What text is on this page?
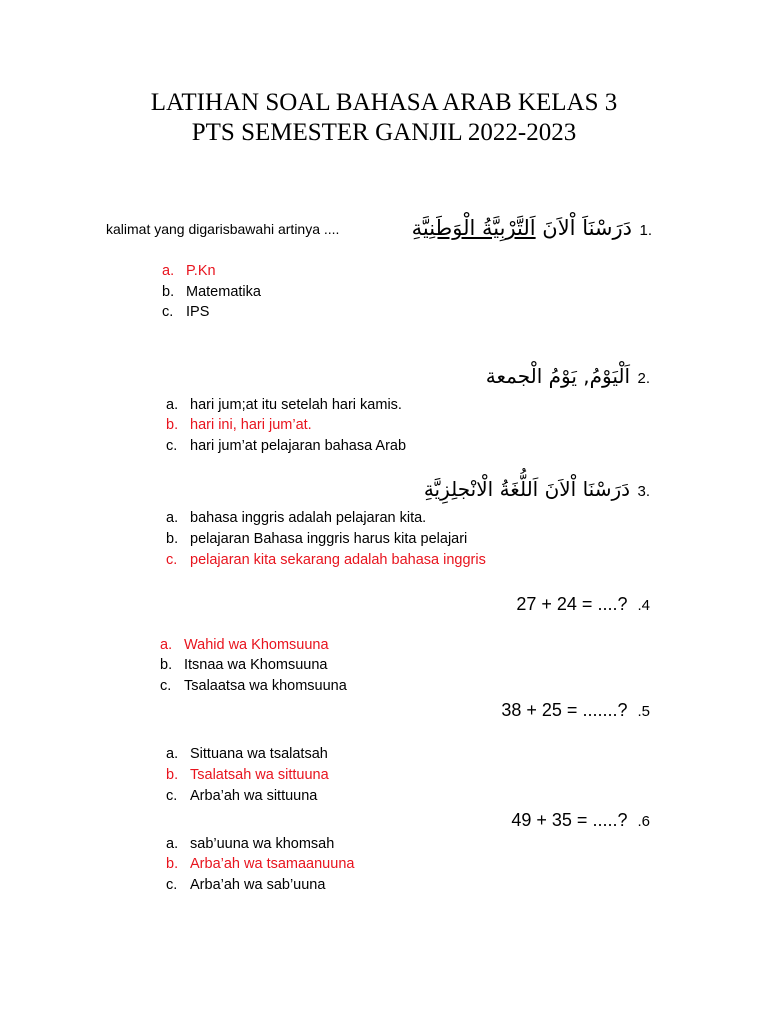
LATIHAN SOAL BAHASA ARAB KELAS 3
PTS SEMESTER GANJIL 2022-2023
kalimat yang digarisbawahi artinya ....	دَرَسْنَاَ اْلاَنَ اَلتَّرْبِيَّةُ الْوَطَنِيَّةِ	1.
a. P.Kn
b. Matematika
c. IPS
اَلْيَوْمُ, يَوْمُ الْجمعة 2.
a. hari jum;at itu setelah hari kamis.
b. hari ini, hari jum’at.
c. hari jum’at pelajaran bahasa Arab
دَرَسْنَا اْلاَنَ اَللُّغَةُ الْانْجلِزِيَّةِ 3.
a. bahasa inggris adalah pelajaran kita.
b. pelajaran Bahasa inggris harus kita pelajari
c. pelajaran kita sekarang adalah bahasa inggris
27 + 24 = ....? .4
a. Wahid wa Khomsuuna
b. Itsnaa wa Khomsuuna
c. Tsalaatsa wa khomsuuna
38 + 25 = .......? .5
a. Sittuana wa tsalatsah
b. Tsalatsah wa sittuuna
c. Arba’ah wa sittuuna
49 + 35 = .....? .6
a. sab’uuna wa khomsah
b. Arba’ah wa tsamaanuuna
c. Arba’ah wa sab’uuna
